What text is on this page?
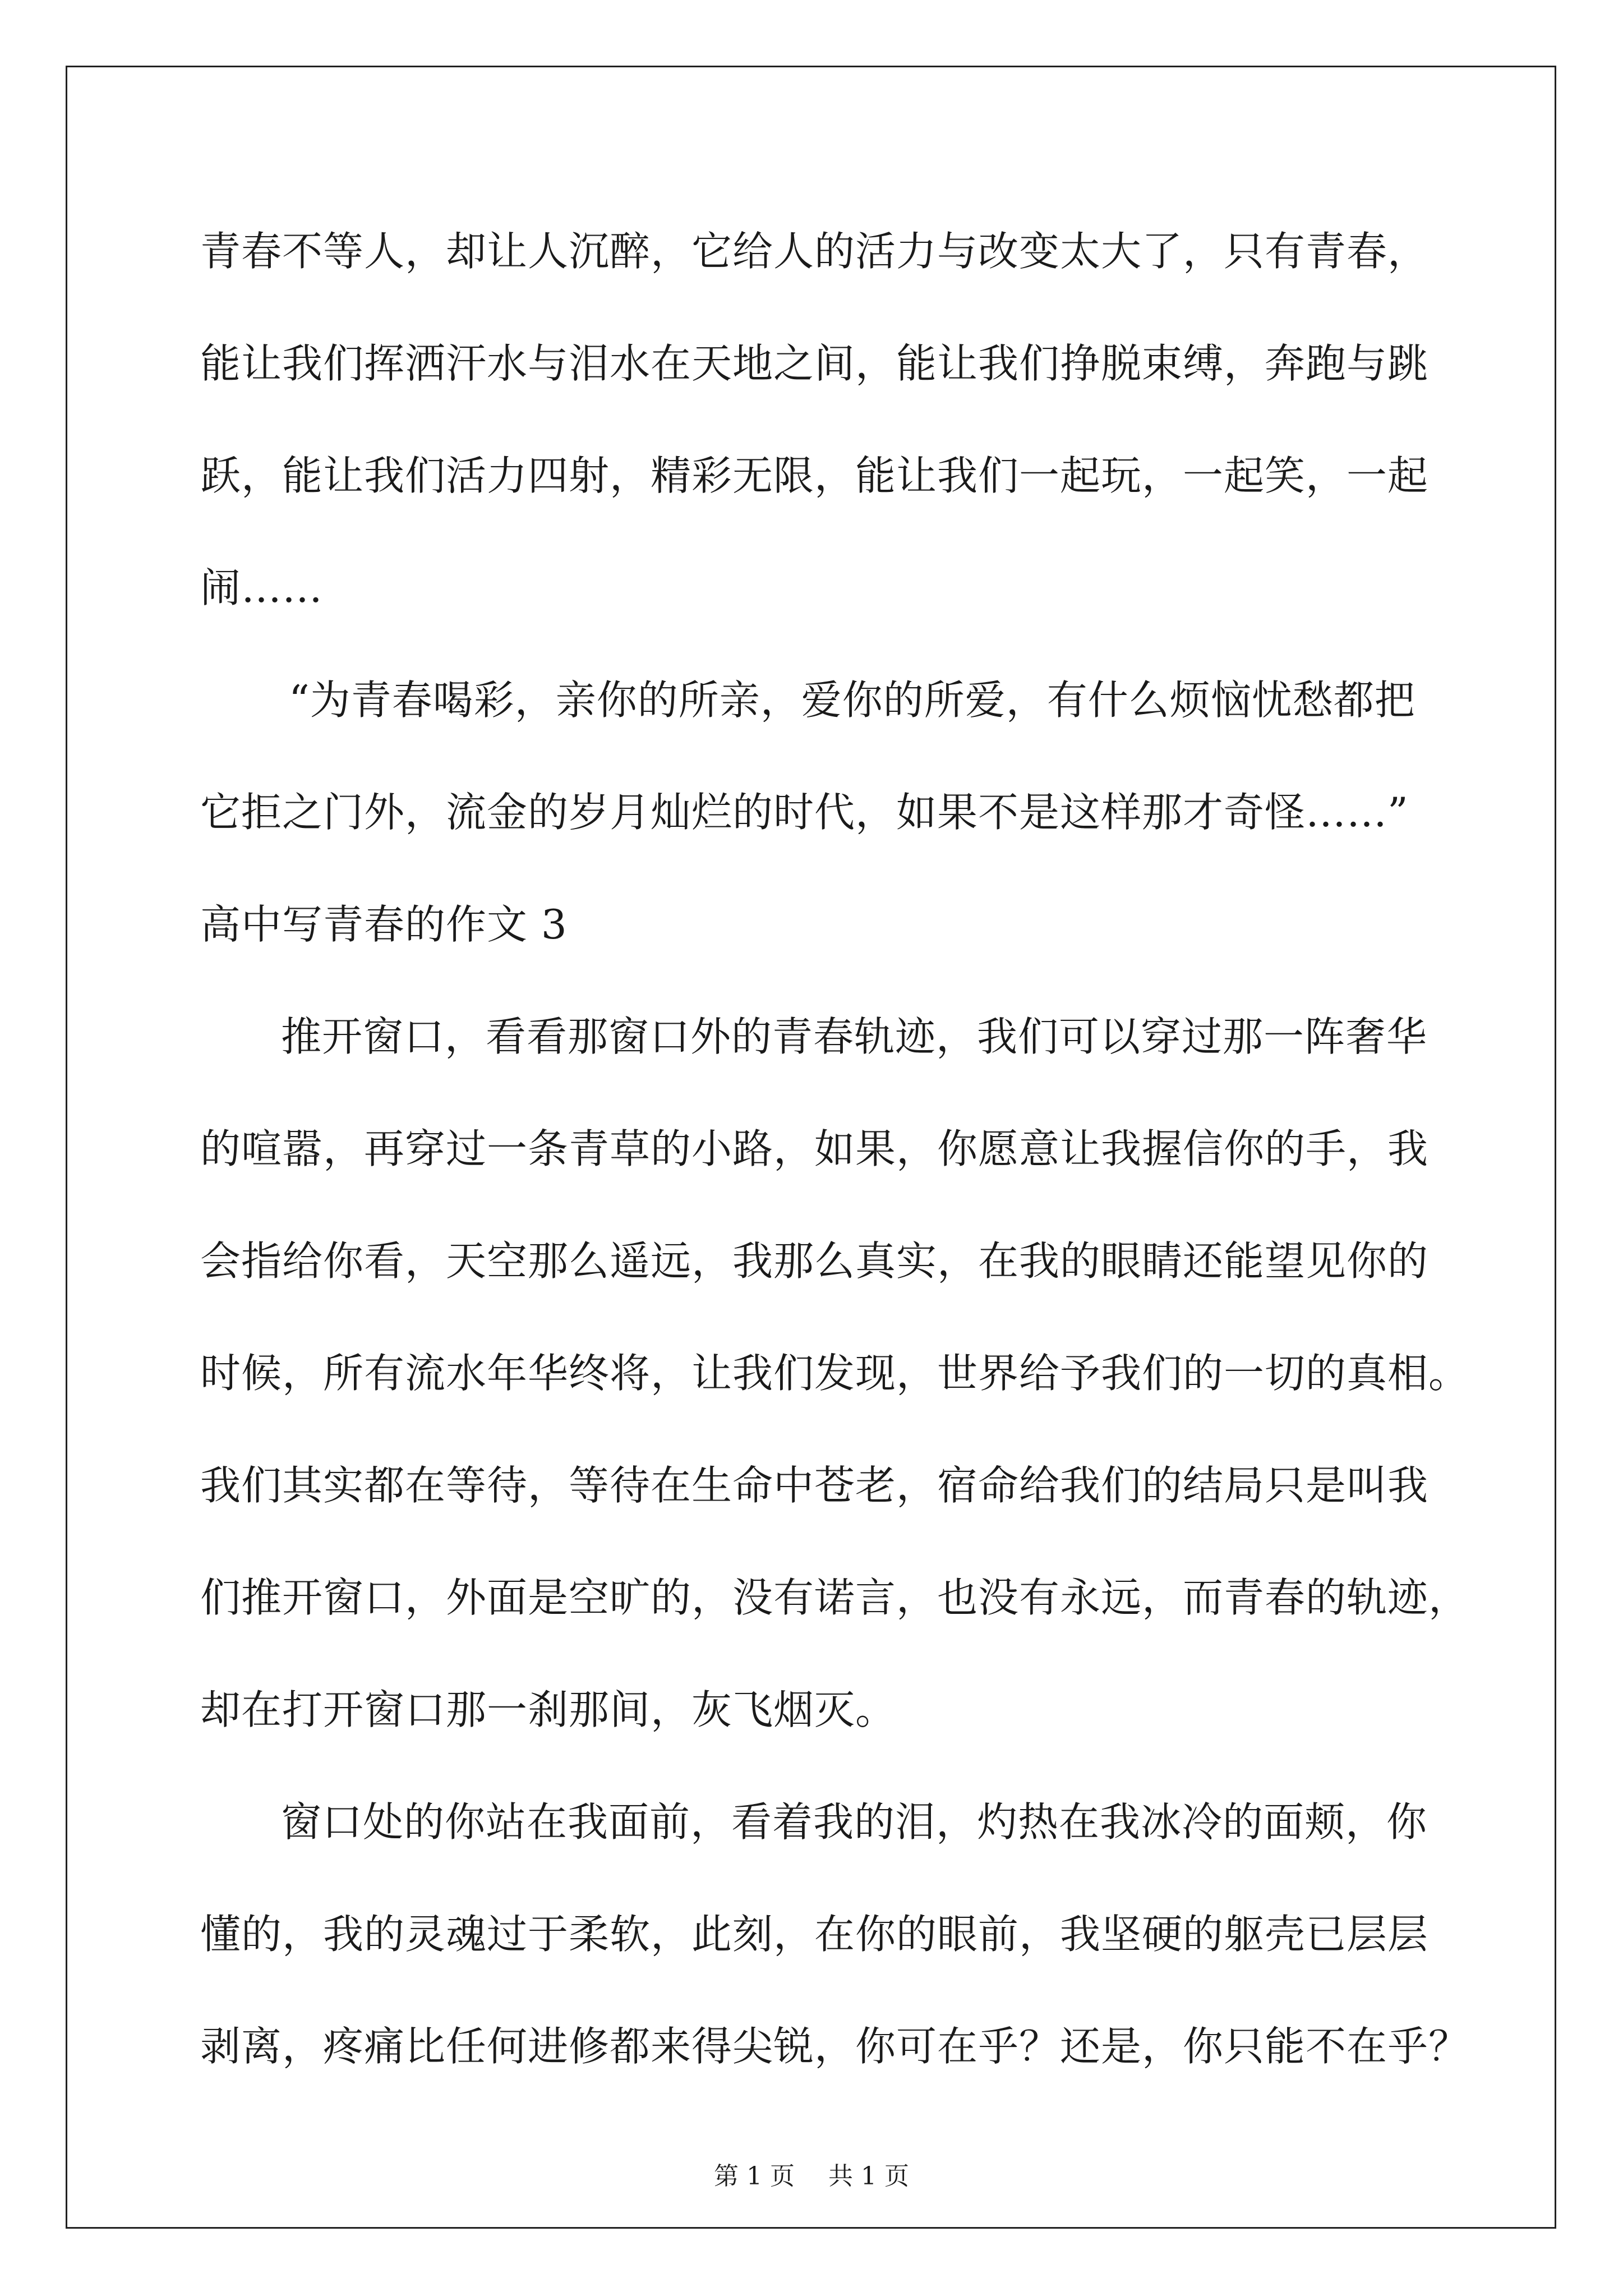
青春不等人，却让人沉醉，它给人的活力与改变太大了，只有青春，
能让我们挥洒汗水与泪水在天地之间，能让我们挣脱束缚，奔跑与跳
跃，能让我们活力四射，精彩无限，能让我们一起玩，一起笑，一起
闹……
“为青春喝彩，亲你的所亲，爱你的所爱，有什么烦恼忧愁都把
它拒之门外，流金的岁月灿烂的时代，如果不是这样那才奇怪……”
高中写青春的作文 3
推开窗口，看看那窗口外的青春轨迹，我们可以穿过那一阵奢华
的喧嚣，再穿过一条青草的小路，如果，你愿意让我握信你的手，我
会指给你看，天空那么遥远，我那么真实，在我的眼睛还能望见你的
时候，所有流水年华终将，让我们发现，世界给予我们的一切的真相。
我们其实都在等待，等待在生命中苍老，宿命给我们的结局只是叫我
们推开窗口，外面是空旷的，没有诺言，也没有永远，而青春的轨迹，
却在打开窗口那一刹那间，灰飞烟灭。
窗口处的你站在我面前，看着我的泪，灼热在我冰冷的面颊，你
懂的，我的灵魂过于柔软，此刻，在你的眼前，我坚硬的躯壳已层层
剥离，疼痛比任何进修都来得尖锐，你可在乎？还是，你只能不在乎？
第 1 页 共 1 页
